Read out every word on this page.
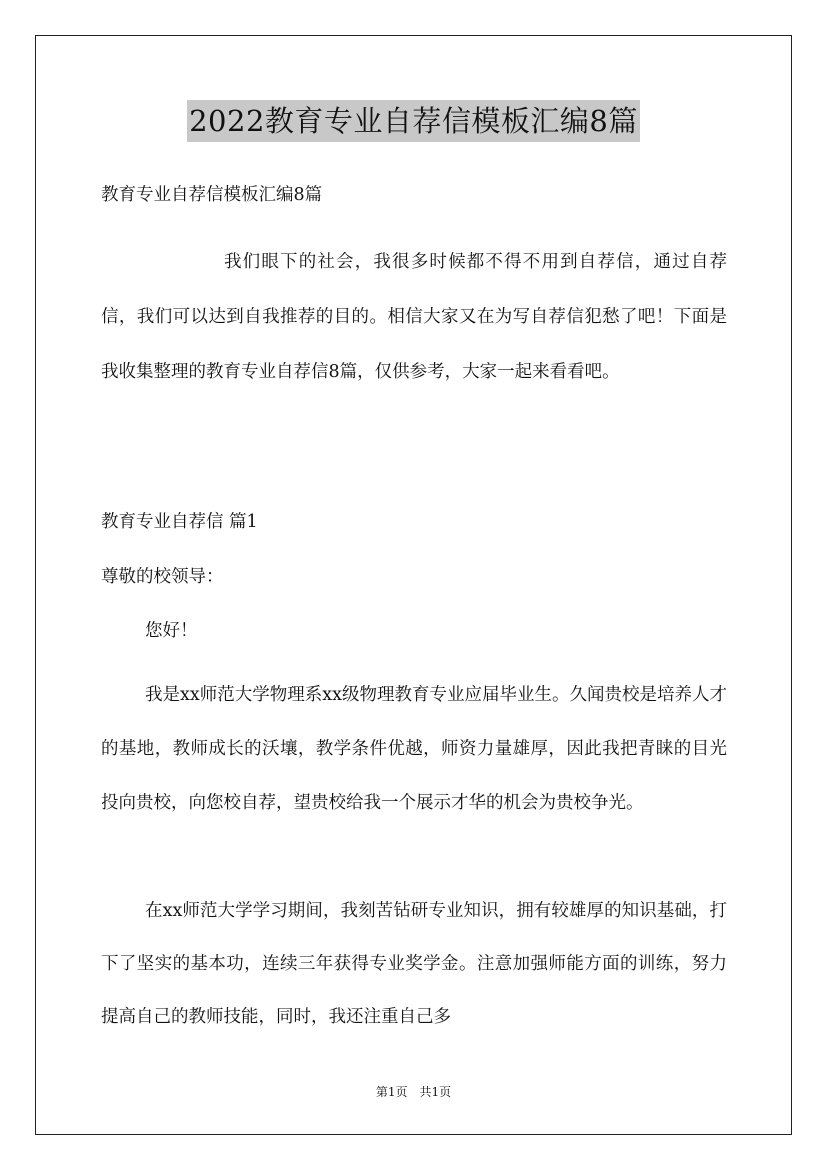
2022教育专业自荐信模板汇编8篇
教育专业自荐信模板汇编8篇
我们眼下的社会，我很多时候都不得不用到自荐信，通过自荐信，我们可以达到自我推荐的目的。相信大家又在为写自荐信犯愁了吧！下面是我收集整理的教育专业自荐信8篇，仅供参考，大家一起来看看吧。
教育专业自荐信 篇1
尊敬的校领导：
您好！
我是xx师范大学物理系xx级物理教育专业应届毕业生。久闻贵校是培养人才的基地，教师成长的沃壤，教学条件优越，师资力量雄厚，因此我把青睐的目光投向贵校，向您校自荐，望贵校给我一个展示才华的机会为贵校争光。
在xx师范大学学习期间，我刻苦钻研专业知识，拥有较雄厚的知识基础，打下了坚实的基本功，连续三年获得专业奖学金。注意加强师能方面的训练，努力提高自己的教师技能，同时，我还注重自己多
第1页　共1页
